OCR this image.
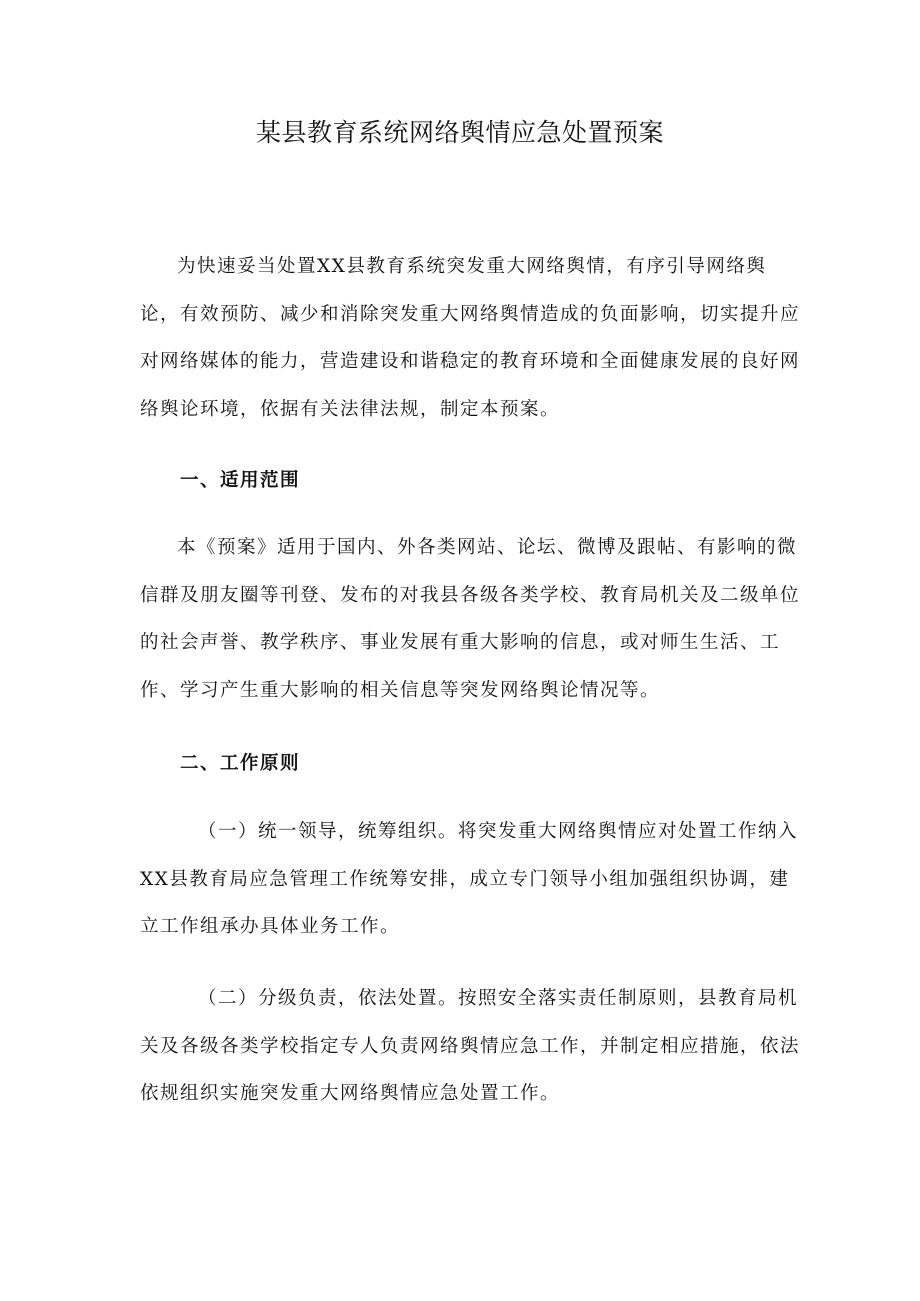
某县教育系统网络舆情应急处置预案

为快速妥当处置XX县教育系统突发重大网络舆情，有序引导网络舆论，有效预防、减少和消除突发重大网络舆情造成的负面影响，切实提升应对网络媒体的能力，营造建设和谐稳定的教育环境和全面健康发展的良好网络舆论环境，依据有关法律法规，制定本预案。

一、适用范围

本《预案》适用于国内、外各类网站、论坛、微博及跟帖、有影响的微信群及朋友圈等刊登、发布的对我县各级各类学校、教育局机关及二级单位的社会声誉、教学秩序、事业发展有重大影响的信息，或对师生生活、工作、学习产生重大影响的相关信息等突发网络舆论情况等。

二、工作原则

（一）统一领导，统筹组织。将突发重大网络舆情应对处置工作纳入XX县教育局应急管理工作统筹安排，成立专门领导小组加强组织协调，建立工作组承办具体业务工作。

（二）分级负责，依法处置。按照安全落实责任制原则，县教育局机关及各级各类学校指定专人负责网络舆情应急工作，并制定相应措施，依法依规组织实施突发重大网络舆情应急处置工作。
